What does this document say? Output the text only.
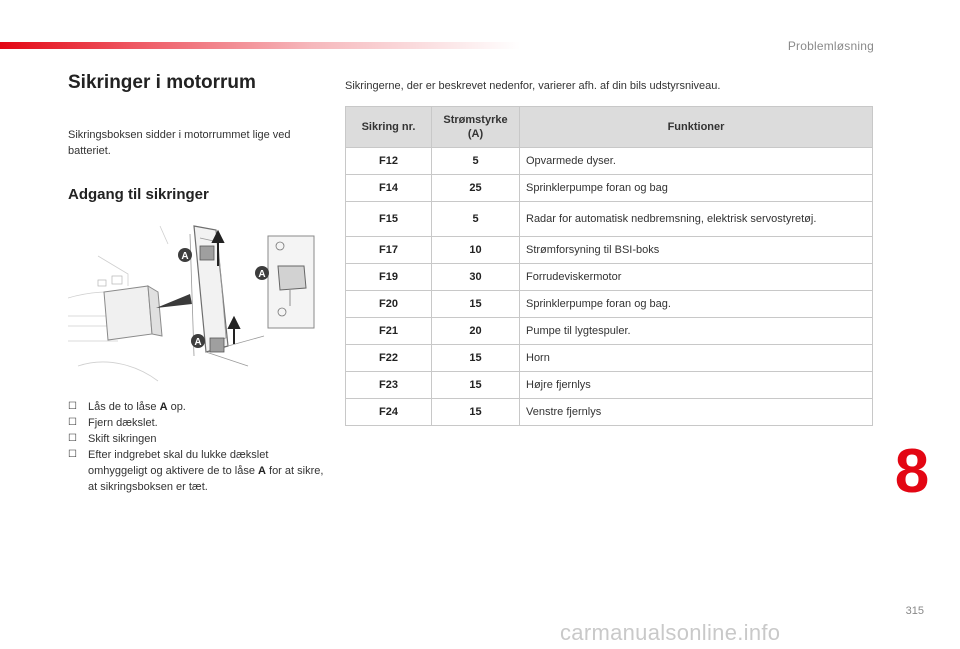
Problemløsning
Sikringer i motorrum

Sikringsboksen sidder i motorrummet lige ved batteriet.

Adgang til sikringer
A
A
A
☐ Lås de to låse A op.
☐ Fjern dækslet.
☐ Skift sikringen
☐ Efter indgrebet skal du lukke dækslet omhyggeligt og aktivere de to låse A for at sikre, at sikringsboksen er tæt.

Sikringerne, der er beskrevet nedenfor, varierer afh. af din bils udstyrsniveau.

Sikring nr.	Strømstyrke (A)	Funktioner
F12	5	Opvarmede dyser.
F14	25	Sprinklerpumpe foran og bag
F15	5	Radar for automatisk nedbremsning, elektrisk servostyretøj.
F17	10	Strømforsyning til BSI-boks
F19	30	Forrudeviskermotor
F20	15	Sprinklerpumpe foran og bag.
F21	20	Pumpe til lygtespuler.
F22	15	Horn
F23	15	Højre fjernlys
F24	15	Venstre fjernlys
8
315
carmanualsonline.info
